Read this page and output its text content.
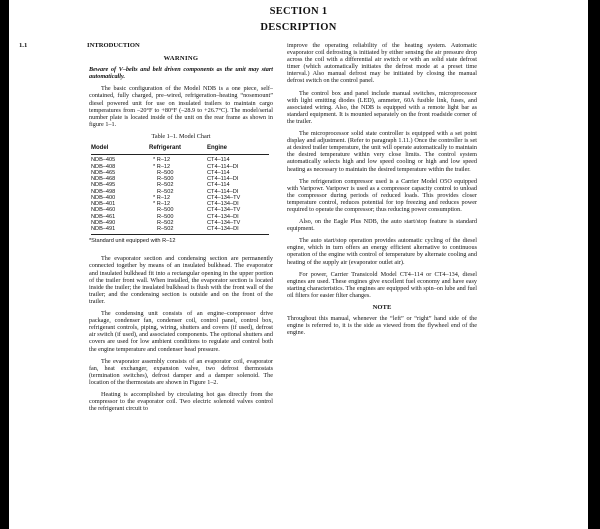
SECTION 1
DESCRIPTION
1.1	INTRODUCTION
WARNING

Beware of V–belts and belt driven components as the unit may start automatically.

The basic configuration of the Model NDB is a one piece, self–contained, fully charged, pre–wired, refrigeration–heating “nosemount” diesel powered unit for use on insulated trailers to maintain cargo temperatures from –20°F to +80°F (–28.9 to +26.7°C). The model/serial number plate is located inside of the unit on the rear frame as shown in figure 1–1.

Table 1–1. Model Chart
Model	Refrigerant	Engine
NDB–405	* R–12	CT4–114
NDB–408	* R–12	CT4–114–DI
NDB–465	R–500	CT4–114
NDB–468	R–500	CT4–114–DI
NDB–495	R–502	CT4–114
NDB–498	R–502	CT4–114–DI
NDB–400	* R–12	CT4–134–TV
NDB–401	* R–12	CT4–134–DI
NDB–460	R–500	CT4–134–TV
NDB–461	R–500	CT4–134–DI
NDB–490	R–502	CT4–134–TV
NDB–491	R–502	CT4–134–DI
*Standard unit equipped with R–12

The evaporator section and condensing section are permanently connected together by means of an insulated bulkhead. The evaporator and insulated bulkhead fit into a rectangular opening in the upper portion of the trailer front wall. When installed, the evaporator section is located inside the trailer; the insulated bulkhead is flush with the front wall of the trailer; and the condensing section is outside and on the front of the trailer.

The condensing unit consists of an engine–compressor drive package, condenser fan, condenser coil, control panel, control box, refrigerant controls, piping, wiring, shutters and covers (if used), defrost air switch (if used), and associated components. The optional shutters and covers are used for low ambient conditions to regulate and control both the engine temperature and condenser head pressure.

The evaporator assembly consists of an evaporator coil, evaporator fan, heat exchanger, expansion valve, two defrost thermostats (termination switches), defrost damper and a damper solenoid. The location of the thermostats are shown in Figure 1–2.

Heating is accomplished by circulating hot gas directly from the compressor to the evaporator coil. Two electric solenoid valves control the refrigerant circuit to

improve the operating reliability of the heating system. Automatic evaporator coil defrosting is initiated by either sensing the air pressure drop across the coil with a differential air switch or with an solid state defrost timer (which automatically initiates the defrost mode at a preset time interval.) Also manual defrost may be initiated by closing the manual defrost switch on the control panel.

The control box and panel include manual switches, microprocessor with light emitting diodes (LED), ammeter, 60A fusible link, fuses, and associated wiring. Also, the NDB is equipped with a remote light bar as standard equipment. It is mounted separately on the front roadside corner of the trailer.

The microprocessor solid state controller is equipped with a set point display and adjustment. (Refer to paragraph 1.11.) Once the controller is set at desired trailer temperature, the unit will operate automatically to maintain the desired temperature within very close limits. The control system automatically selects high and low speed cooling or high and low speed heating as necessary to maintain the desired temperature within the trailer.

The refrigeration compressor used is a Carrier Model O5O equipped with Varipowr. Varipowr is used as a compressor capacity control to unload the compressor during periods of reduced loads. This provides closer temperature control, reduces potential for top freezing and reduces power required to operate the compressor; thus reducing power consumption.

Also, on the Eagle Plus NDB, the auto start/stop feature is standard equipment.

The auto start/stop operation provides automatic cycling of the diesel engine, which in turn offers an energy efficient alternative to continuous operation of the engine with control of temperature by alternate cooling and heating of the supply air (evaporator outlet air).

For power, Carrier Transicold Model CT4–114 or CT4–134, diesel engines are used. These engines give excellent fuel economy and have easy starting characteristics. The engines are equipped with spin–on lube and fuel oil filters for easier filter changes.

NOTE

Throughout this manual, whenever the “left” or “right” hand side of the engine is referred to, it is the side as viewed from the flywheel end of the engine.
